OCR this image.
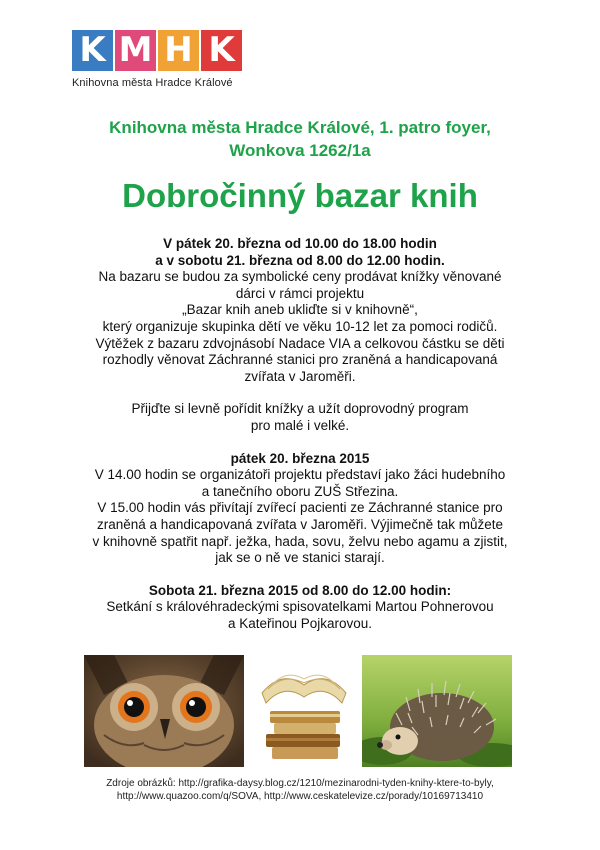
K M H K
Knihovna města Hradce Králové
Knihovna města Hradce Králové, 1. patro foyer,
Wonkova 1262/1a
Dobročinný bazar knih

V pátek 20. března od 10.00 do 18.00 hodin

a v sobotu 21. března od 8.00 do 12.00 hodin.

Na bazaru se budou za symbolické ceny prodávat knížky věnované

dárci v rámci projektu

„Bazar knih aneb ukliďte si v knihovně“,

který organizuje skupinka dětí ve věku 10-12 let za pomoci rodičů.

Výtěžek z bazaru zdvojnásobí Nadace VIA a celkovou částku se děti

rozhodly věnovat Záchranné stanici pro zraněná a handicapovaná

zvířata v Jaroměři.

Přijďte si levně pořídit knížky a užít doprovodný program

pro malé i velké.

pátek 20. března 2015

V 14.00 hodin se organizátoři projektu představí jako žáci hudebního

a tanečního oboru ZUŠ Střezina.

V 15.00 hodin vás přivítají zvířecí pacienti ze Záchranné stanice pro

zraněná a handicapovaná zvířata v Jaroměři. Výjimečně tak můžete

v knihovně spatřit např. ježka, hada, sovu, želvu nebo agamu a zjistit,

jak se o ně ve stanici starají.

Sobota 21. března 2015 od 8.00 do 12.00 hodin:

Setkání s královéhradeckými spisovatelkami Martou Pohnerovou

a Kateřinou Pojkarovou.

Zdroje obrázků: http://grafika-daysy.blog.cz/1210/mezinarodni-tyden-knihy-ktere-to-byly,
http://www.quazoo.com/q/SOVA, http://www.ceskatelevize.cz/porady/10169713410
